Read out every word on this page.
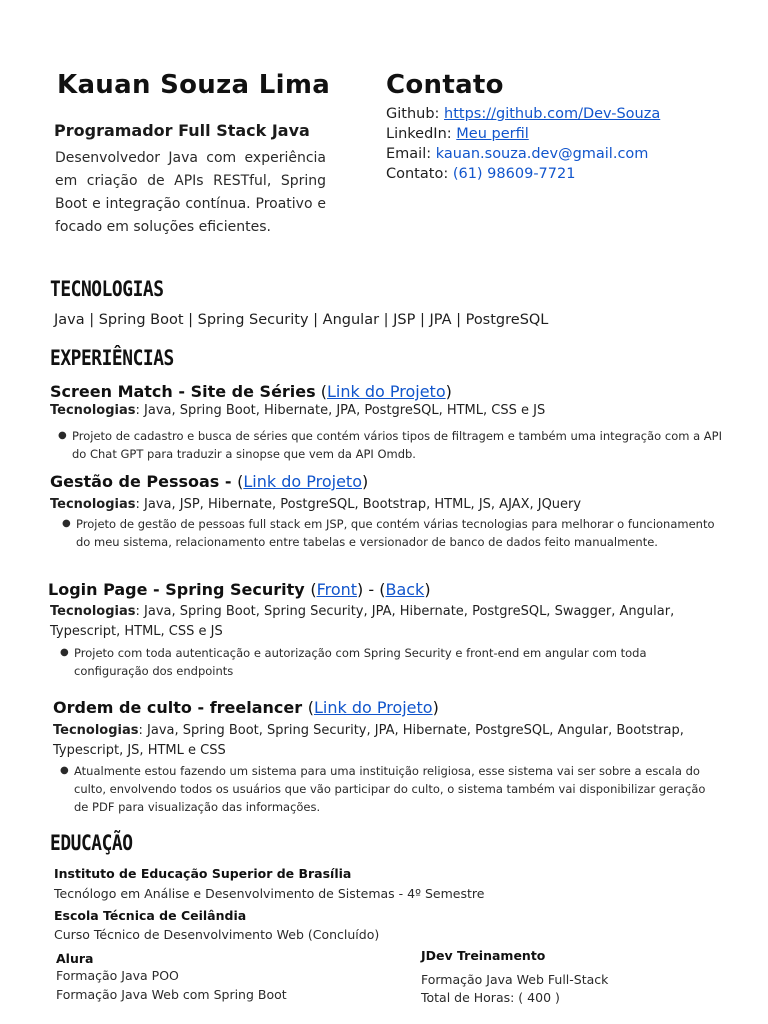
Kauan Souza Lima
Programador Full Stack Java
Desenvolvedor Java com experiência em criação de APIs RESTful, Spring Boot e integração contínua. Proativo e focado em soluções eficientes.
Contato
Github: https://github.com/Dev-Souza
LinkedIn: Meu perfil
Email: kauan.souza.dev@gmail.com
Contato: (61) 98609-7721
TECNOLOGIAS
Java | Spring Boot | Spring Security | Angular | JSP | JPA | PostgreSQL
EXPERIÊNCIAS
Screen Match - Site de Séries (Link do Projeto)
Tecnologias: Java, Spring Boot, Hibernate, JPA, PostgreSQL, HTML, CSS e JS
● Projeto de cadastro e busca de séries que contém vários tipos de filtragem e também uma integração com a API do Chat GPT para traduzir a sinopse que vem da API Omdb.
Gestão de Pessoas - (Link do Projeto)
Tecnologias: Java, JSP, Hibernate, PostgreSQL, Bootstrap, HTML, JS, AJAX, JQuery
● Projeto de gestão de pessoas full stack em JSP, que contém várias tecnologias para melhorar o funcionamento do meu sistema, relacionamento entre tabelas e versionador de banco de dados feito manualmente.
Login Page - Spring Security (Front) - (Back)
Tecnologias: Java, Spring Boot, Spring Security, JPA, Hibernate, PostgreSQL, Swagger, Angular, Typescript, HTML, CSS e JS
● Projeto com toda autenticação e autorização com Spring Security e front-end em angular com toda configuração dos endpoints
Ordem de culto - freelancer (Link do Projeto)
Tecnologias: Java, Spring Boot, Spring Security, JPA, Hibernate, PostgreSQL, Angular, Bootstrap, Typescript, JS, HTML e CSS
● Atualmente estou fazendo um sistema para uma instituição religiosa, esse sistema vai ser sobre a escala do culto, envolvendo todos os usuários que vão participar do culto, o sistema também vai disponibilizar geração de PDF para visualização das informações.
EDUCAÇÃO
Instituto de Educação Superior de Brasília
Tecnólogo em Análise e Desenvolvimento de Sistemas - 4º Semestre
Escola Técnica de Ceilândia
Curso Técnico de Desenvolvimento Web (Concluído)
Alura
Formação Java POO
Formação Java Web com Spring Boot
JDev Treinamento
Formação Java Web Full-Stack
Total de Horas: ( 400 )
